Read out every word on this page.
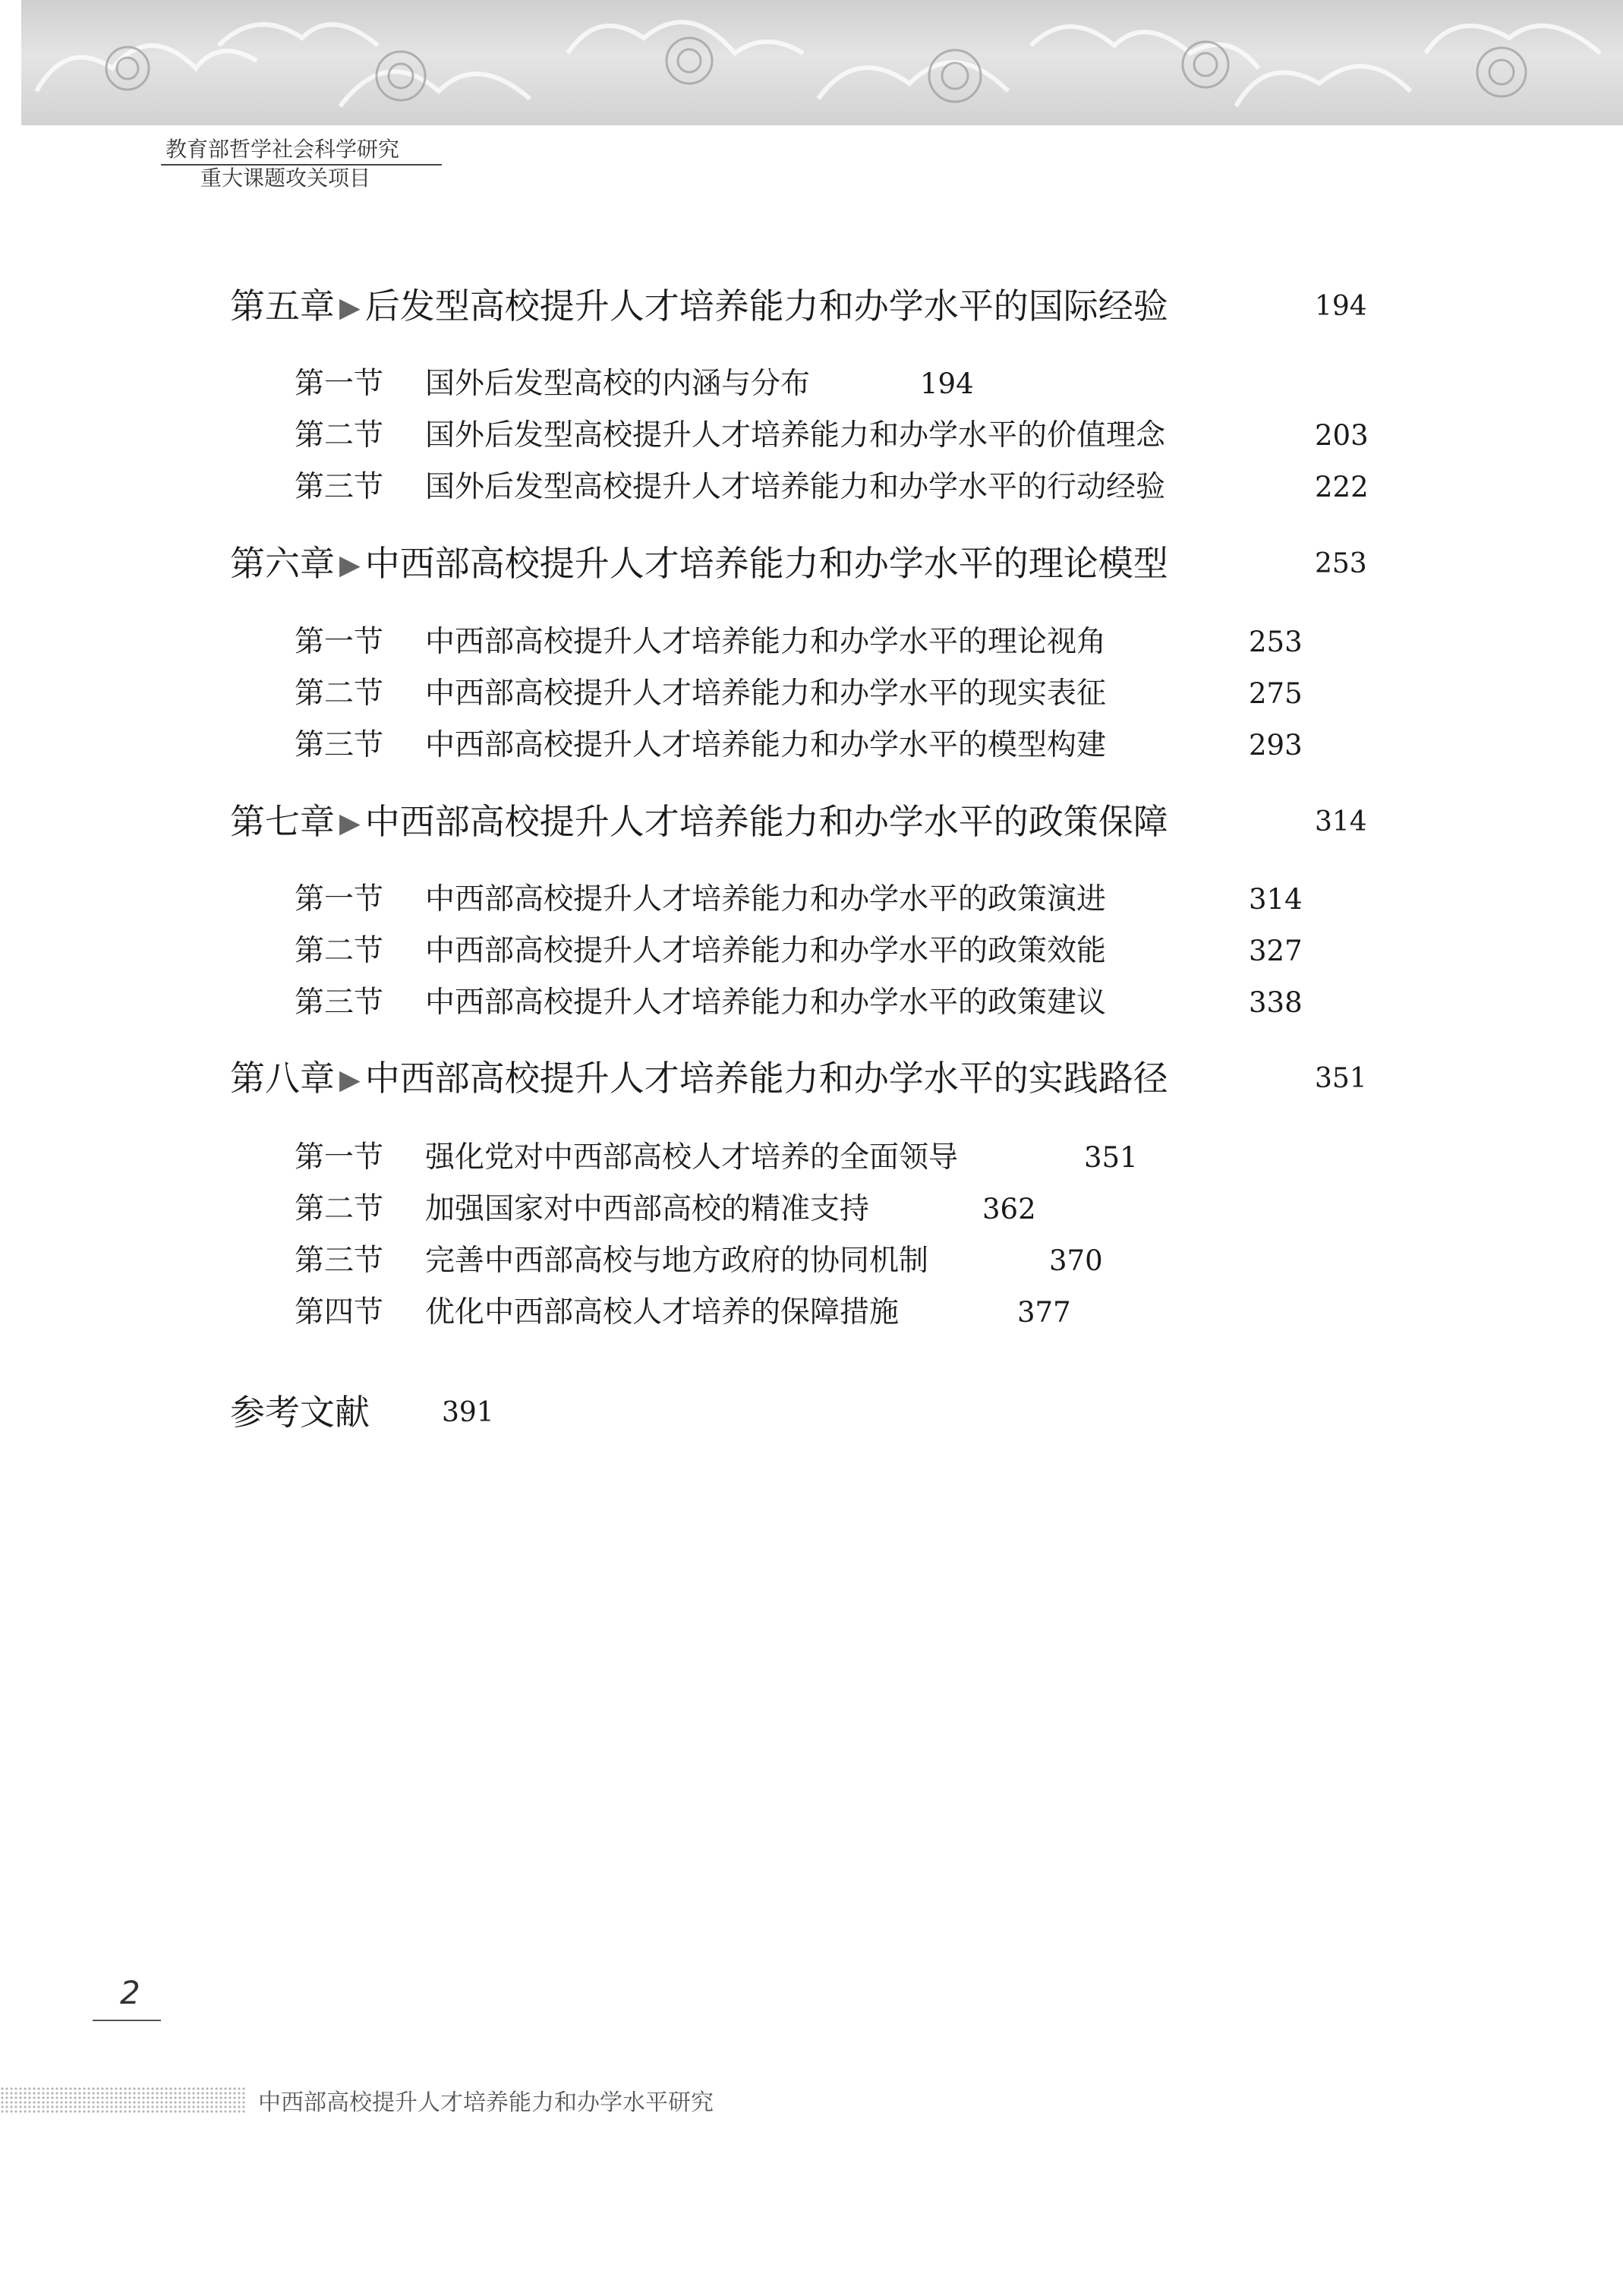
教育部哲学社会科学研究
重大课题攻关项目
第五章 ▶ 后发型高校提升人才培养能力和办学水平的国际经验	194
第一节 国外后发型高校的内涵与分布	194
第二节 国外后发型高校提升人才培养能力和办学水平的价值理念	203
第三节 国外后发型高校提升人才培养能力和办学水平的行动经验	222
第六章 ▶ 中西部高校提升人才培养能力和办学水平的理论模型	253
第一节 中西部高校提升人才培养能力和办学水平的理论视角	253
第二节 中西部高校提升人才培养能力和办学水平的现实表征	275
第三节 中西部高校提升人才培养能力和办学水平的模型构建	293
第七章 ▶ 中西部高校提升人才培养能力和办学水平的政策保障	314
第一节 中西部高校提升人才培养能力和办学水平的政策演进	314
第二节 中西部高校提升人才培养能力和办学水平的政策效能	327
第三节 中西部高校提升人才培养能力和办学水平的政策建议	338
第八章 ▶ 中西部高校提升人才培养能力和办学水平的实践路径	351
第一节 强化党对中西部高校人才培养的全面领导	351
第二节 加强国家对中西部高校的精准支持	362
第三节 完善中西部高校与地方政府的协同机制	370
第四节 优化中西部高校人才培养的保障措施	377
参考文献	391
2
中西部高校提升人才培养能力和办学水平研究
